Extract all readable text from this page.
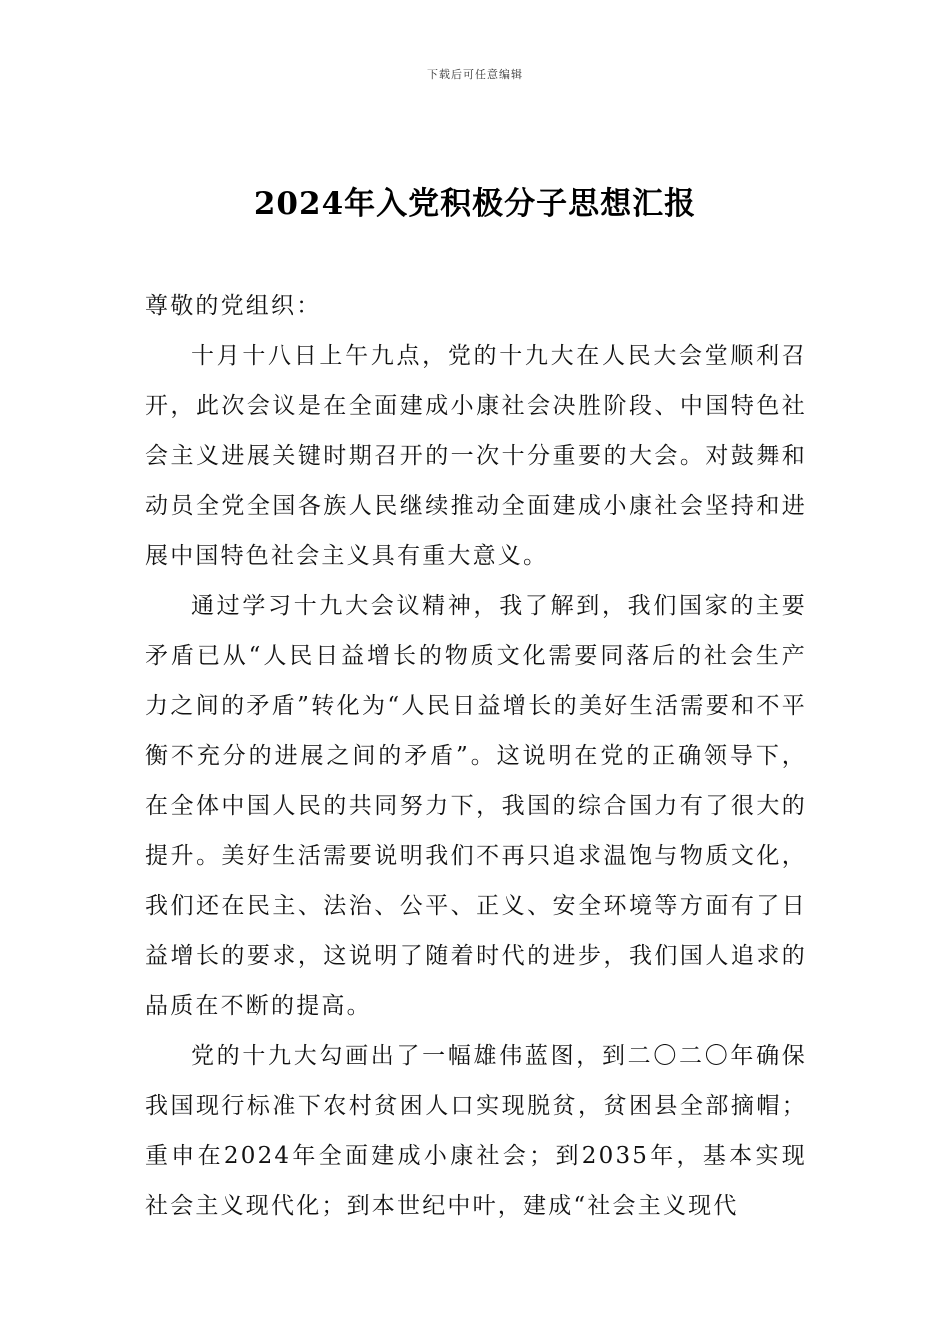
下载后可任意编辑
2024年入党积极分子思想汇报

尊敬的党组织：

十月十八日上午九点，党的十九大在人民大会堂顺利召开，此次会议是在全面建成小康社会决胜阶段、中国特色社会主义进展关键时期召开的一次十分重要的大会。对鼓舞和动员全党全国各族人民继续推动全面建成小康社会坚持和进展中国特色社会主义具有重大意义。

通过学习十九大会议精神，我了解到，我们国家的主要矛盾已从“人民日益增长的物质文化需要同落后的社会生产力之间的矛盾”转化为“人民日益增长的美好生活需要和不平衡不充分的进展之间的矛盾”。这说明在党的正确领导下，在全体中国人民的共同努力下，我国的综合国力有了很大的提升。美好生活需要说明我们不再只追求温饱与物质文化，我们还在民主、法治、公平、正义、安全环境等方面有了日益增长的要求，这说明了随着时代的进步，我们国人追求的品质在不断的提高。

党的十九大勾画出了一幅雄伟蓝图，到二〇二〇年确保我国现行标准下农村贫困人口实现脱贫，贫困县全部摘帽；重申在2024年全面建成小康社会；到2035年，基本实现社会主义现代化；到本世纪中叶，建成“社会主义现代
